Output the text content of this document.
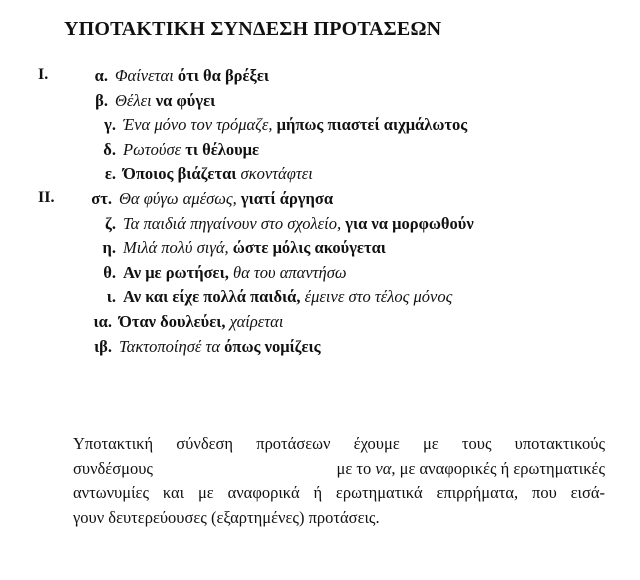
ΥΠΟΤΑΚΤΙΚΗ ΣΥΝΔΕΣΗ ΠΡΟΤΑΣΕΩΝ
I.	α. Φαίνεται ότι θα βρέξει
β. Θέλει να φύγει
γ. Ένα μόνο τον τρόμαζε, μήπως πιαστεί αιχμάλωτος
δ. Ρωτούσε τι θέλουμε
ε. Όποιος βιάζεται σκοντάφτει
II.	στ. Θα φύγω αμέσως, γιατί άργησα
ζ. Τα παιδιά πηγαίνουν στο σχολείο, για να μορφωθούν
η. Μιλά πολύ σιγά, ώστε μόλις ακούγεται
θ. Αν με ρωτήσει, θα του απαντήσω
ι. Αν και είχε πολλά παιδιά, έμεινε στο τέλος μόνος
ια. Όταν δουλεύει, χαίρεται
ιβ. Τακτοποίησέ τα όπως νομίζεις
Υποτακτική σύνδεση προτάσεων έχουμε με τους υποτακτικούς
συνδέσμους	με το να, με αναφορικές ή ερωτηματικές
αντωνυμίες και με αναφορικά ή ερωτηματικά επιρρήματα, που εισά-
γουν δευτερεύουσες (εξαρτημένες) προτάσεις.
